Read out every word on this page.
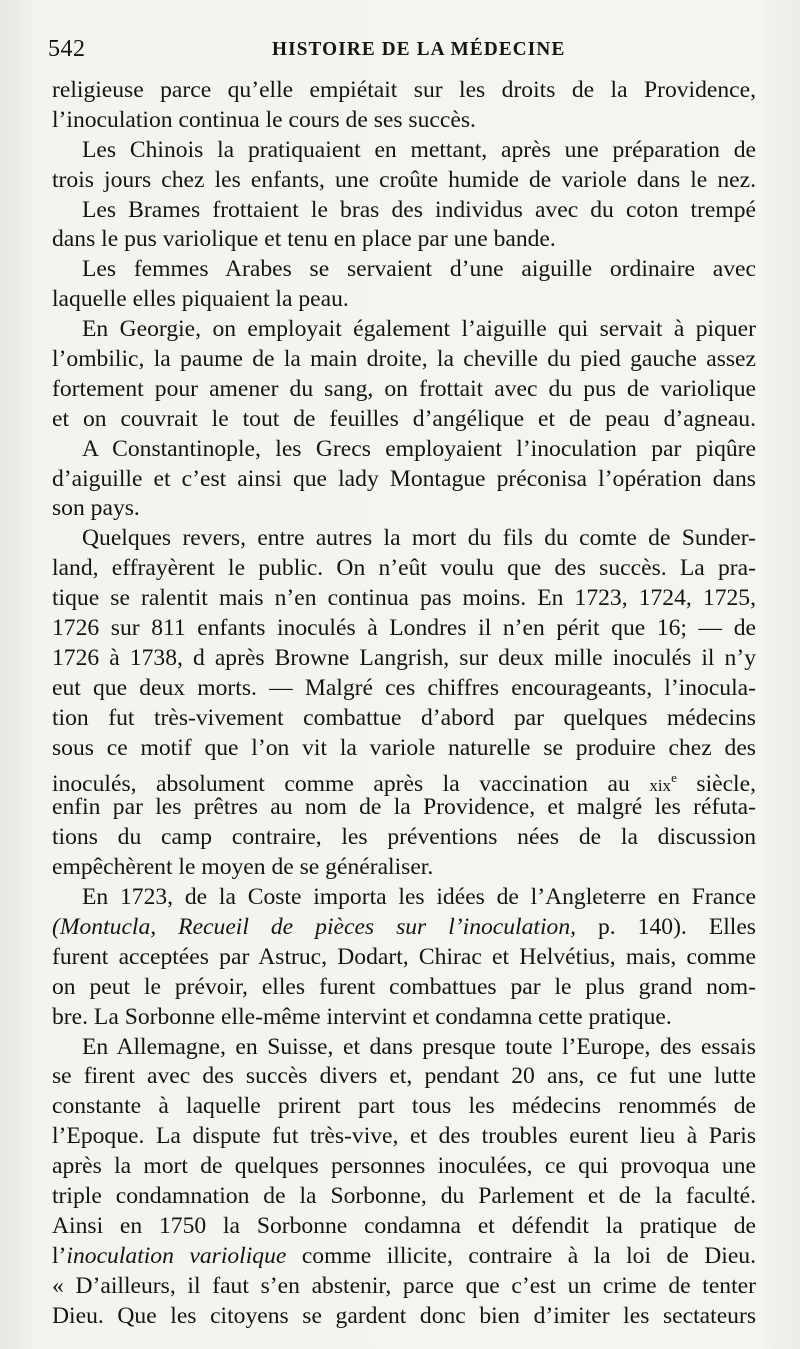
542	HISTOIRE DE LA MÉDECINE
religieuse parce qu’elle empiétait sur les droits de la Providence,
l’inoculation continua le cours de ses succès.
Les Chinois la pratiquaient en mettant, après une préparation de
trois jours chez les enfants, une croûte humide de variole dans le nez.
Les Brames frottaient le bras des individus avec du coton trempé
dans le pus variolique et tenu en place par une bande.
Les femmes Arabes se servaient d’une aiguille ordinaire avec
laquelle elles piquaient la peau.
En Georgie, on employait également l’aiguille qui servait à piquer
l’ombilic, la paume de la main droite, la cheville du pied gauche assez
fortement pour amener du sang, on frottait avec du pus de variolique
et on couvrait le tout de feuilles d’angélique et de peau d’agneau.
A Constantinople, les Grecs employaient l’inoculation par piqûre
d’aiguille et c’est ainsi que lady Montague préconisa l’opération dans
son pays.
Quelques revers, entre autres la mort du fils du comte de Sunder-
land, effrayèrent le public. On n’eût voulu que des succès. La pra-
tique se ralentit mais n’en continua pas moins. En 1723, 1724, 1725,
1726 sur 811 enfants inoculés à Londres il n’en périt que 16; — de
1726 à 1738, d après Browne Langrish, sur deux mille inoculés il n’y
eut que deux morts. — Malgré ces chiffres encourageants, l’inocula-
tion fut très-vivement combattue d’abord par quelques médecins
sous ce motif que l’on vit la variole naturelle se produire chez des
inoculés, absolument comme après la vaccination au xix$^e$ siècle,
enfin par les prêtres au nom de la Providence, et malgré les réfuta-
tions du camp contraire, les préventions nées de la discussion
empêchèrent le moyen de se généraliser.
En 1723, de la Coste importa les idées de l’Angleterre en France
(Montucla, Recueil de pièces sur l’inoculation, p. 140). Elles
furent acceptées par Astruc, Dodart, Chirac et Helvétius, mais, comme
on peut le prévoir, elles furent combattues par le plus grand nom-
bre. La Sorbonne elle-même intervint et condamna cette pratique.
En Allemagne, en Suisse, et dans presque toute l’Europe, des essais
se firent avec des succès divers et, pendant 20 ans, ce fut une lutte
constante à laquelle prirent part tous les médecins renommés de
l’Epoque. La dispute fut très-vive, et des troubles eurent lieu à Paris
après la mort de quelques personnes inoculées, ce qui provoqua une
triple condamnation de la Sorbonne, du Parlement et de la faculté.
Ainsi en 1750 la Sorbonne condamna et défendit la pratique de
l’inoculation variolique comme illicite, contraire à la loi de Dieu.
« D’ailleurs, il faut s’en abstenir, parce que c’est un crime de tenter
Dieu. Que les citoyens se gardent donc bien d’imiter les sectateurs
